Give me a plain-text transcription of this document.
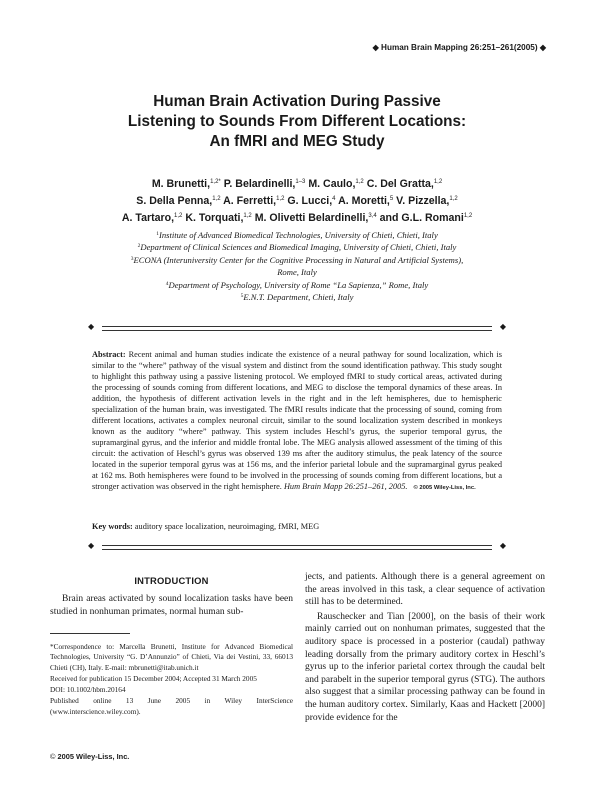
◆ Human Brain Mapping 26:251–261(2005) ◆
Human Brain Activation During Passive
Listening to Sounds From Different Locations:
An fMRI and MEG Study
M. Brunetti,$^{1,2*}$ P. Belardinelli,$^{1-3}$ M. Caulo,$^{1,2}$ C. Del Gratta,$^{1,2}$
S. Della Penna,$^{1,2}$ A. Ferretti,$^{1,2}$ G. Lucci,$^4$ A. Moretti,$^5$ V. Pizzella,$^{1,2}$
A. Tartaro,$^{1,2}$ K. Torquati,$^{1,2}$ M. Olivetti Belardinelli,$^{3,4}$ and G.L. Romani$^{1,2}$
$^1$Institute of Advanced Biomedical Technologies, University of Chieti, Chieti, Italy
$^2$Department of Clinical Sciences and Biomedical Imaging, University of Chieti, Chieti, Italy
$^3$ECONA (Interuniversity Center for the Cognitive Processing in Natural and Artificial Systems),
Rome, Italy
$^4$Department of Psychology, University of Rome “La Sapienza,” Rome, Italy
$^5$E.N.T. Department, Chieti, Italy
◆	◆

Abstract: Recent animal and human studies indicate the existence of a neural pathway for sound localization, which is similar to the “where” pathway of the visual system and distinct from the sound identification pathway. This study sought to highlight this pathway using a passive listening protocol. We employed fMRI to study cortical areas, activated during the processing of sounds coming from different locations, and MEG to disclose the temporal dynamics of these areas. In addition, the hypothesis of different activation levels in the right and in the left hemispheres, due to hemispheric specialization of the human brain, was investigated. The fMRI results indicate that the processing of sound, coming from different locations, activates a complex neuronal circuit, similar to the sound localization system described in monkeys known as the auditory “where” pathway. This system includes Heschl’s gyrus, the superior temporal gyrus, the supramarginal gyrus, and the inferior and middle frontal lobe. The MEG analysis allowed assessment of the timing of this circuit: the activation of Heschl’s gyrus was observed 139 ms after the auditory stimulus, the peak latency of the source located in the superior temporal gyrus was at 156 ms, and the inferior parietal lobule and the supramarginal gyrus peaked at 162 ms. Both hemispheres were found to be involved in the processing of sounds coming from different locations, but a stronger activation was observed in the right hemisphere. Hum Brain Mapp 26:251–261, 2005. © 2005 Wiley-Liss, Inc.

Key words: auditory space localization, neuroimaging, fMRI, MEG

◆	◆
INTRODUCTION

Brain areas activated by sound localization tasks have been studied in nonhuman primates, normal human sub-

*Correspondence to: Marcella Brunetti, Institute for Advanced Biomedical Technologies, University “G. D’Annunzio” of Chieti, Via dei Vestini, 33, 66013 Chieti (CH), Italy. E-mail: mbrunetti@itab.unich.it

Received for publication 15 December 2004; Accepted 31 March 2005

DOI: 10.1002/hbm.20164

Published online 13 June 2005 in Wiley InterScience (www.interscience.wiley.com).

© 2005 Wiley-Liss, Inc.

jects, and patients. Although there is a general agreement on the areas involved in this task, a clear sequence of activation still has to be determined.

Rauschecker and Tian [2000], on the basis of their work mainly carried out on nonhuman primates, suggested that the auditory space is processed in a posterior (caudal) pathway leading dorsally from the primary auditory cortex in Heschl’s gyrus up to the inferior parietal cortex through the caudal belt and parabelt in the superior temporal gyrus (STG). The authors also suggest that a similar processing pathway can be found in the human auditory cortex. Similarly, Kaas and Hackett [2000] provide evidence for the
